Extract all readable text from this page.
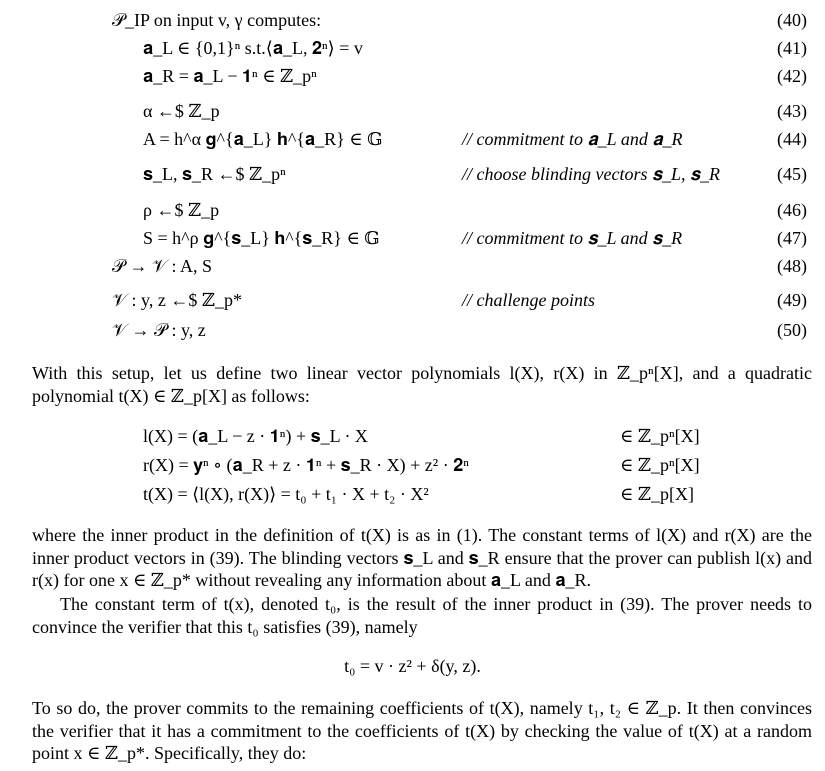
𝒫_IP on input v, γ computes:	(40)
𝐚_L ∈ {0,1}ⁿ s.t.⟨𝐚_L, 𝟐ⁿ⟩ = v	(41)
𝐚_R = 𝐚_L − 𝟏ⁿ ∈ ℤ_pⁿ	(42)
α ←$ ℤ_p	(43)
A = h^α 𝐠^{𝐚_L} 𝐡^{𝐚_R} ∈ 𝔾	// commitment to 𝐚_L and 𝐚_R	(44)
𝐬_L, 𝐬_R ←$ ℤ_pⁿ	// choose blinding vectors 𝐬_L, 𝐬_R	(45)
ρ ←$ ℤ_p	(46)
S = h^ρ 𝐠^{𝐬_L} 𝐡^{𝐬_R} ∈ 𝔾	// commitment to 𝐬_L and 𝐬_R	(47)
𝒫 → 𝒱 : A, S	(48)
𝒱 : y, z ←$ ℤ_p*	// challenge points	(49)
𝒱 → 𝒫 : y, z	(50)
With this setup, let us define two linear vector polynomials l(X), r(X) in ℤ_pⁿ[X], and a quadratic polynomial t(X) ∈ ℤ_p[X] as follows:
l(X) = (𝐚_L − z · 𝟏ⁿ) + 𝐬_L · X	∈ ℤ_pⁿ[X]
r(X) = 𝐲ⁿ ∘ (𝐚_R + z · 𝟏ⁿ + 𝐬_R · X) + z² · 𝟐ⁿ	∈ ℤ_pⁿ[X]
t(X) = ⟨l(X), r(X)⟩ = t₀ + t₁ · X + t₂ · X²	∈ ℤ_p[X]
where the inner product in the definition of t(X) is as in (1). The constant terms of l(X) and r(X) are the inner product vectors in (39). The blinding vectors 𝐬_L and 𝐬_R ensure that the prover can publish l(x) and r(x) for one x ∈ ℤ_p* without revealing any information about 𝐚_L and 𝐚_R.
The constant term of t(x), denoted t₀, is the result of the inner product in (39). The prover needs to convince the verifier that this t₀ satisfies (39), namely
t₀ = v · z² + δ(y, z).
To so do, the prover commits to the remaining coefficients of t(X), namely t₁, t₂ ∈ ℤ_p. It then convinces the verifier that it has a commitment to the coefficients of t(X) by checking the value of t(X) at a random point x ∈ ℤ_p*. Specifically, they do:
